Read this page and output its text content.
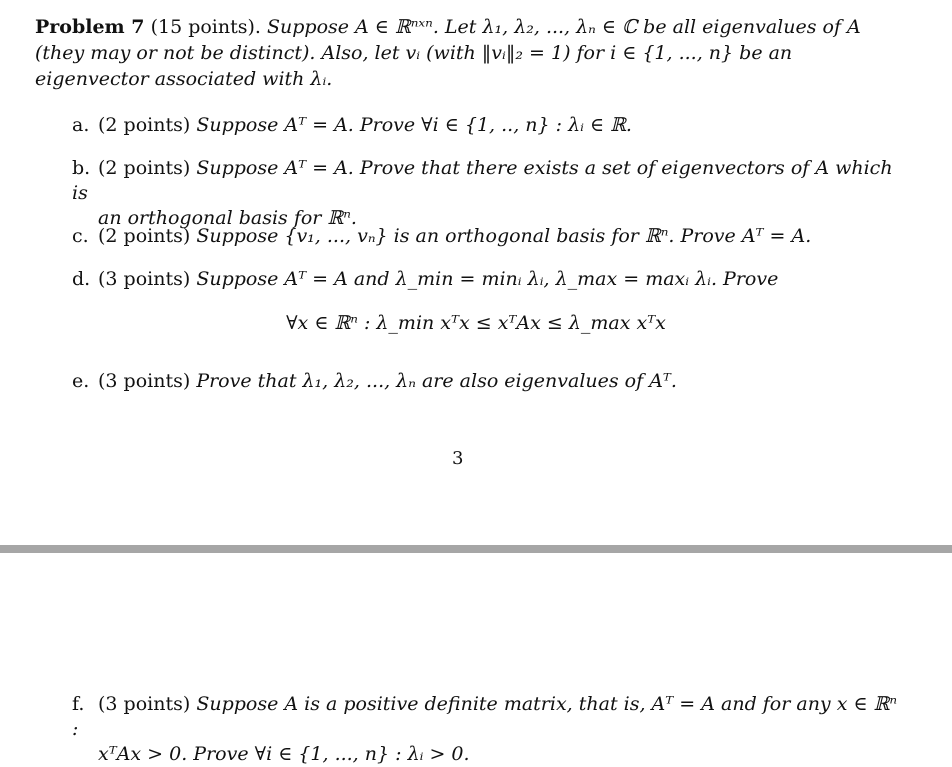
Problem 7 (15 points). Suppose A ∈ ℝⁿˣⁿ. Let λ₁, λ₂, ..., λₙ ∈ ℂ be all eigenvalues of A (they may or not be distinct). Also, let vᵢ (with ‖vᵢ‖₂ = 1) for i ∈ {1, ..., n} be an eigenvector associated with λᵢ.
a. (2 points) Suppose Aᵀ = A. Prove ∀i ∈ {1, .., n} : λᵢ ∈ ℝ.
b. (2 points) Suppose Aᵀ = A. Prove that there exists a set of eigenvectors of A which is
an orthogonal basis for ℝⁿ.
c. (2 points) Suppose {v₁, ..., vₙ} is an orthogonal basis for ℝⁿ. Prove Aᵀ = A.
d. (3 points) Suppose Aᵀ = A and λ_min = minᵢ λᵢ, λ_max = maxᵢ λᵢ. Prove
∀x ∈ ℝⁿ : λ_min xᵀx ≤ xᵀAx ≤ λ_max xᵀx
e. (3 points) Prove that λ₁, λ₂, ..., λₙ are also eigenvalues of Aᵀ.
3
f. (3 points) Suppose A is a positive definite matrix, that is, Aᵀ = A and for any x ∈ ℝⁿ :
xᵀAx > 0. Prove ∀i ∈ {1, ..., n} : λᵢ > 0.
